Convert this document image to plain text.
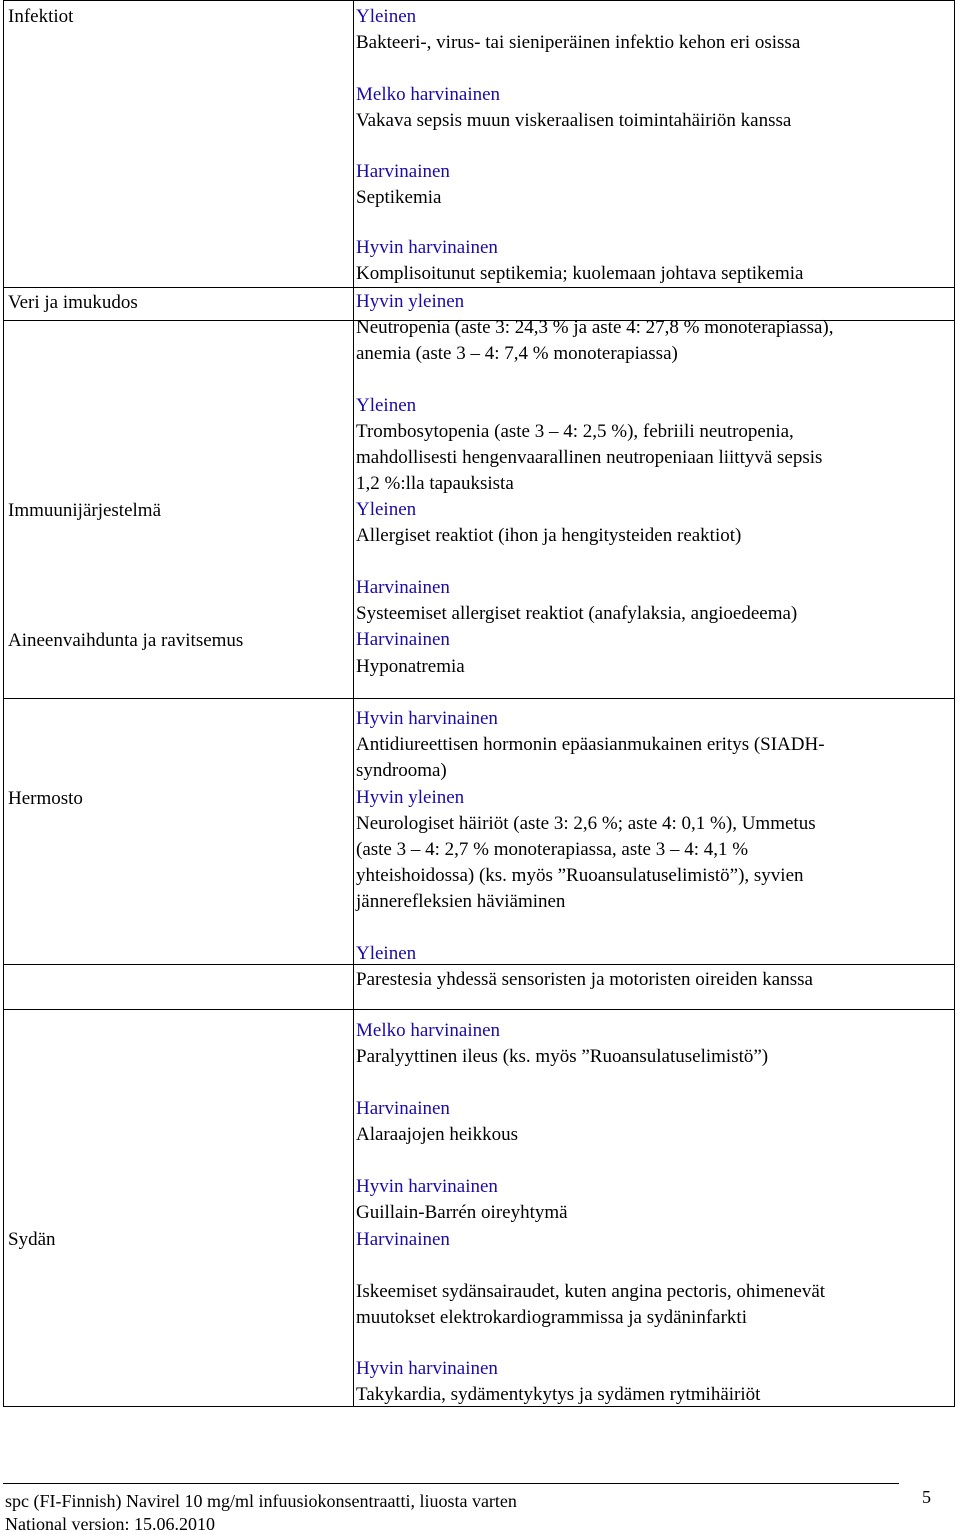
Infektiot
Veri ja imukudos
Immuunijärjestelmä
Aineenvaihdunta ja ravitsemus
Hermosto
Sydän
Yleinen
Bakteeri-, virus- tai sieniperäinen infektio kehon eri osissa
Melko harvinainen
Vakava sepsis muun viskeraalisen toimintahäiriön kanssa
Harvinainen
Septikemia
Hyvin harvinainen
Komplisoitunut septikemia; kuolemaan johtava septikemia
Hyvin yleinen
Neutropenia (aste 3: 24,3 % ja aste 4: 27,8 % monoterapiassa),
anemia (aste 3 – 4: 7,4 % monoterapiassa)
Yleinen
Trombosytopenia (aste 3 – 4: 2,5 %), febriili neutropenia,
mahdollisesti hengenvaarallinen neutropeniaan liittyvä sepsis
1,2 %:lla tapauksista
Yleinen
Allergiset reaktiot (ihon ja hengitysteiden reaktiot)
Harvinainen
Systeemiset allergiset reaktiot (anafylaksia, angioedeema)
Harvinainen
Hyponatremia
Hyvin harvinainen
Antidiureettisen hormonin epäasianmukainen eritys (SIADH-
syndrooma)
Hyvin yleinen
Neurologiset häiriöt (aste 3: 2,6 %; aste 4: 0,1 %), Ummetus
(aste 3 – 4: 2,7 % monoterapiassa, aste 3 – 4: 4,1 %
yhteishoidossa) (ks. myös ”Ruoansulatuselimistö”), syvien
jännerefleksien häviäminen
Yleinen
Parestesia yhdessä sensoristen ja motoristen oireiden kanssa
Melko harvinainen
Paralyyttinen ileus (ks. myös ”Ruoansulatuselimistö”)
Harvinainen
Alaraajojen heikkous
Hyvin harvinainen
Guillain-Barrén oireyhtymä
Harvinainen
Iskeemiset sydänsairaudet, kuten angina pectoris, ohimenevät
muutokset elektrokardiogrammissa ja sydäninfarkti
Hyvin harvinainen
Takykardia, sydämentykytys ja sydämen rytmihäiriöt
spc (FI-Finnish) Navirel 10 mg/ml infuusiokonsentraatti, liuosta varten
National version: 15.06.2010
5
